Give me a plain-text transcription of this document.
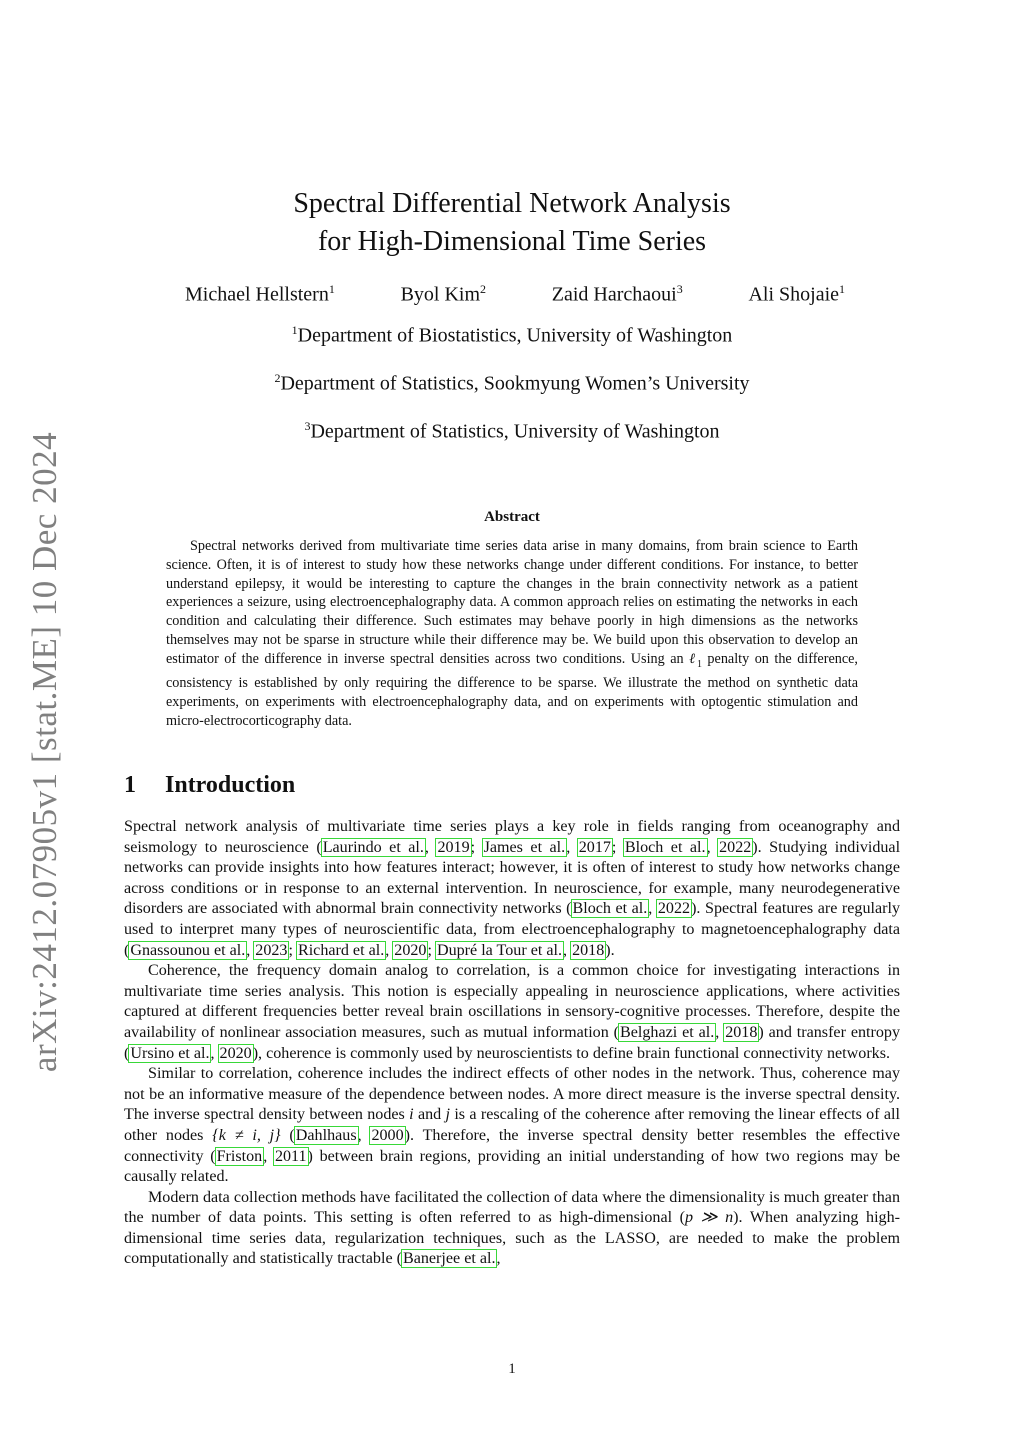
arXiv:2412.07905v1 [stat.ME] 10 Dec 2024
Spectral Differential Network Analysis
for High-Dimensional Time Series
Michael Hellstern$^1$	Byol Kim$^2$	Zaid Harchaoui$^3$	Ali Shojaie$^1$
$^1$Department of Biostatistics, University of Washington
$^2$Department of Statistics, Sookmyung Women’s University
$^3$Department of Statistics, University of Washington
Abstract

Spectral networks derived from multivariate time series data arise in many domains, from brain science to Earth science. Often, it is of interest to study how these networks change under different conditions. For instance, to better understand epilepsy, it would be interesting to capture the changes in the brain connectivity network as a patient experiences a seizure, using electroencephalography data. A common approach relies on estimating the networks in each condition and calculating their difference. Such estimates may behave poorly in high dimensions as the networks themselves may not be sparse in structure while their difference may be. We build upon this observation to develop an estimator of the difference in inverse spectral densities across two conditions. Using an ℓ$_1$ penalty on the difference, consistency is established by only requiring the difference to be sparse. We illustrate the method on synthetic data experiments, on experiments with electroencephalography data, and on experiments with optogentic stimulation and micro-electrocorticography data.

1 Introduction

Spectral network analysis of multivariate time series plays a key role in fields ranging from oceanography and seismology to neuroscience (Laurindo et al., 2019; James et al., 2017; Bloch et al., 2022). Studying individual networks can provide insights into how features interact; however, it is often of interest to study how networks change across conditions or in response to an external intervention. In neuroscience, for example, many neurodegenerative disorders are associated with abnormal brain connectivity networks (Bloch et al., 2022). Spectral features are regularly used to interpret many types of neuroscientific data, from electroencephalography to magnetoencephalography data (Gnassounou et al., 2023; Richard et al., 2020; Dupré la Tour et al., 2018).

Coherence, the frequency domain analog to correlation, is a common choice for investigating interactions in multivariate time series analysis. This notion is especially appealing in neuroscience applications, where activities captured at different frequencies better reveal brain oscillations in sensory-cognitive processes. Therefore, despite the availability of nonlinear association measures, such as mutual information (Belghazi et al., 2018) and transfer entropy (Ursino et al., 2020), coherence is commonly used by neuroscientists to define brain functional connectivity networks.

Similar to correlation, coherence includes the indirect effects of other nodes in the network. Thus, coherence may not be an informative measure of the dependence between nodes. A more direct measure is the inverse spectral density. The inverse spectral density between nodes i and j is a rescaling of the coherence after removing the linear effects of all other nodes {k ≠ i, j} (Dahlhaus, 2000). Therefore, the inverse spectral density better resembles the effective connectivity (Friston, 2011) between brain regions, providing an initial understanding of how two regions may be causally related.

Modern data collection methods have facilitated the collection of data where the dimensionality is much greater than the number of data points. This setting is often referred to as high-dimensional (p ≫ n). When analyzing high-dimensional time series data, regularization techniques, such as the LASSO, are needed to make the problem computationally and statistically tractable (Banerjee et al.,

1
